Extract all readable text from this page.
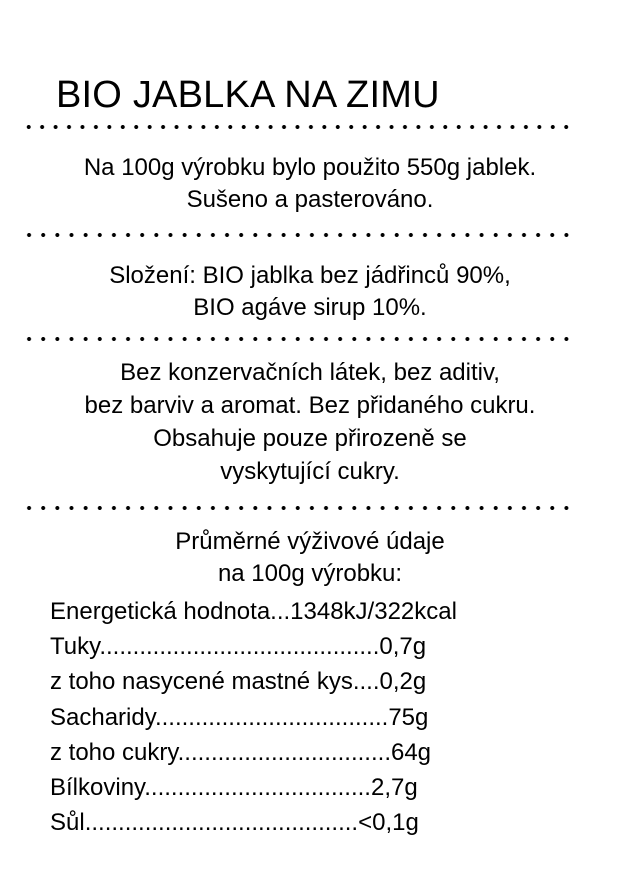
BIO JABLKA NA ZIMU
Na 100g výrobku bylo použito 550g jablek.
Sušeno a pasterováno.
Složení: BIO jablka bez jádřinců 90%,
BIO agáve sirup 10%.
Bez konzervačních látek, bez aditiv,
bez barviv a aromat. Bez přidaného cukru.
Obsahuje pouze přirozeně se
vyskytující cukry.
Průměrné výživové údaje
na 100g výrobku:
Energetická hodnota...1348kJ/322kcal
Tuky..........................................0,7g
z toho nasycené mastné kys....0,2g
Sacharidy...................................75g
z toho cukry................................64g
Bílkoviny..................................2,7g
Sůl.........................................<0,1g
